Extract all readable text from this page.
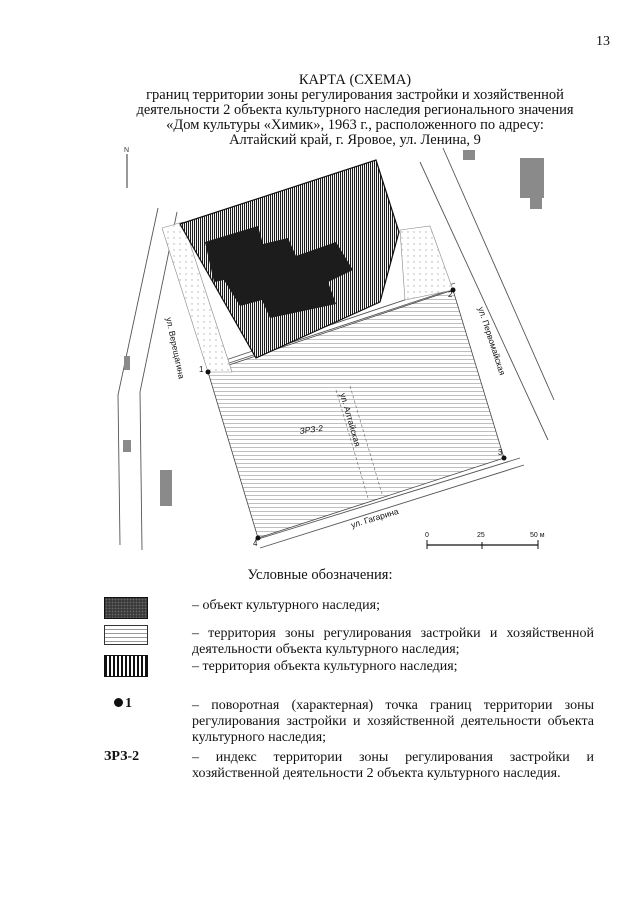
13
КАРТА (СХЕМА)
границ территории зоны регулирования застройки и хозяйственной
деятельности 2 объекта культурного наследия регионального значения
«Дом культуры «Химик», 1963 г., расположенного по адресу:
Алтайский край, г. Яровое, ул. Ленина, 9
N
1
2
3
4
ул. Верещагина	ул. Первомайская
ул. Алтайская
ул. Гагарина
ЗРЗ-2
0	25	50 м
Условные обозначения:
– объект культурного наследия;
– территория зоны регулирования застройки и хозяйственной деятельности объекта культурного наследия;
– территория объекта культурного наследия;
1	– поворотная (характерная) точка границ территории зоны регулирования застройки и хозяйственной деятельности объекта культурного наследия;
ЗРЗ-2	– индекс территории зоны регулирования застройки и хозяйственной деятельности 2 объекта культурного наследия.
